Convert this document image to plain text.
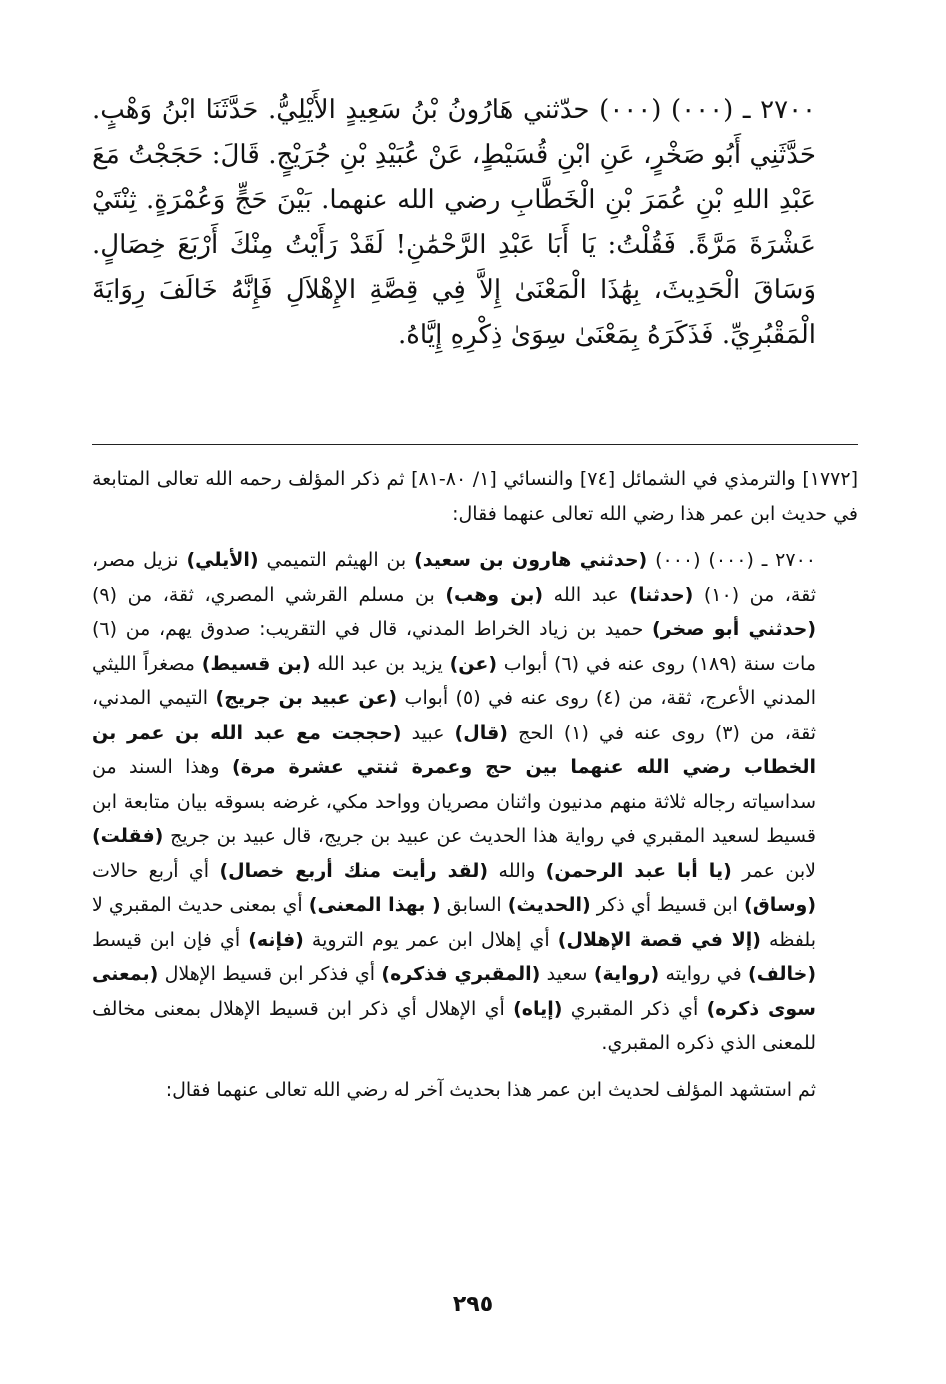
٢٧٠٠ ـ (٠٠٠) (٠٠٠) حدّثني هَارُونُ بْنُ سَعِيدٍ الأَيْلِيُّ. حَدَّثَنَا ابْنُ وَهْبٍ. حَدَّثَنِي أَبُو صَخْرٍ، عَنِ ابْنِ قُسَيْطٍ، عَنْ عُبَيْدِ بْنِ جُرَيْجٍ. قَالَ: حَجَجْتُ مَعَ عَبْدِ اللهِ بْنِ عُمَرَ بْنِ الْخَطَّابِ رضي الله عنهما. بَيْنَ حَجٍّ وَعُمْرَةٍ. ثِنْتَيْ عَشْرَةَ مَرَّةً. فَقُلْتُ: يَا أَبَا عَبْدِ الرَّحْمَٰنِ! لَقَدْ رَأَيْتُ مِنْكَ أَرْبَعَ خِصَالٍ. وَسَاقَ الْحَدِيثَ، بِهَٰذَا الْمَعْنَىٰ إِلاَّ فِي قِصَّةِ الإِهْلاَلِ فَإِنَّهُ خَالَفَ رِوَايَةَ الْمَقْبُرِيِّ. فَذَكَرَهُ بِمَعْنَىٰ سِوَىٰ ذِكْرِهِ إِيَّاهُ.

[١٧٧٢] والترمذي في الشمائل [٧٤] والنسائي [١/ ٨٠-٨١] ثم ذكر المؤلف رحمه الله تعالى المتابعة في حديث ابن عمر هذا رضي الله تعالى عنهما فقال:

٢٧٠٠ ـ (٠٠٠) (٠٠٠) (حدثني هارون بن سعيد) بن الهيثم التميمي (الأيلي) نزيل مصر، ثقة، من (١٠) (حدثنا) عبد الله (بن وهب) بن مسلم القرشي المصري، ثقة، من (٩) (حدثني أبو صخر) حميد بن زياد الخراط المدني، قال في التقريب: صدوق يهم، من (٦) مات سنة (١٨٩) روى عنه في (٦) أبواب (عن) يزيد بن عبد الله (بن قسيط) مصغراً الليثي المدني الأعرج، ثقة، من (٤) روى عنه في (٥) أبواب (عن عبيد بن جريج) التيمي المدني، ثقة، من (٣) روى عنه في (١) الحج (قال) عبيد (حججت مع عبد الله بن عمر بن الخطاب رضي الله عنهما بين حج وعمرة ثنتي عشرة مرة) وهذا السند من سداسياته رجاله ثلاثة منهم مدنيون واثنان مصريان وواحد مكي، غرضه بسوقه بيان متابعة ابن قسيط لسعيد المقبري في رواية هذا الحديث عن عبيد بن جريج، قال عبيد بن جريج (فقلت) لابن عمر (يا أبا عبد الرحمن) والله (لقد رأيت منك أربع خصال) أي أربع حالات (وساق) ابن قسيط أي ذكر (الحديث) السابق ( بهذا المعنى) أي بمعنى حديث المقبري لا بلفظه (إلا في قصة الإهلال) أي إهلال ابن عمر يوم التروية (فإنه) أي فإن ابن قيسط (خالف) في روايته (رواية) سعيد (المقبري فذكره) أي فذكر ابن قسيط الإهلال (بمعنى سوى ذكره) أي ذكر المقبري (إياه) أي الإهلال أي ذكر ابن قسيط الإهلال بمعنى مخالف للمعنى الذي ذكره المقبري.

ثم استشهد المؤلف لحديث ابن عمر هذا بحديث آخر له رضي الله تعالى عنهما فقال:

٢٩٥
